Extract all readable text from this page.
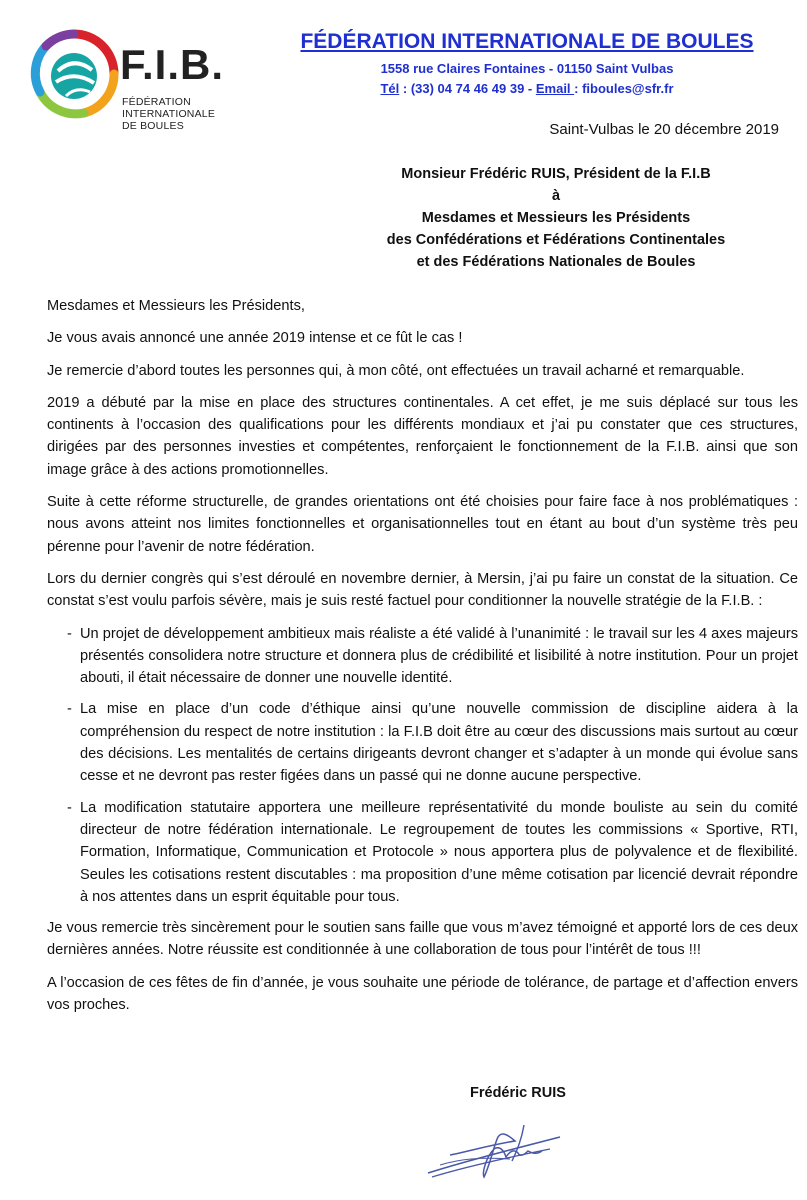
F.I.B.
FÉDÉRATION INTERNATIONALE
DE BOULES
FÉDÉRATION INTERNATIONALE DE BOULES
1558 rue Claires Fontaines - 01150 Saint Vulbas
Tél : (33) 04 74 46 49 39 - Email : fiboules@sfr.fr
Saint-Vulbas le 20 décembre 2019
Monsieur Frédéric RUIS, Président de la F.I.B
à
Mesdames et Messieurs les Présidents
des Confédérations et Fédérations Continentales
et des Fédérations Nationales de Boules

Mesdames et Messieurs les Présidents,

Je vous avais annoncé une année 2019 intense et ce fût le cas !

Je remercie d’abord toutes les personnes qui, à mon côté, ont effectuées un travail acharné et remarquable.

2019 a débuté par la mise en place des structures continentales. A cet effet, je me suis déplacé sur tous les continents à l’occasion des qualifications pour les différents mondiaux et j’ai pu constater que ces structures, dirigées par des personnes investies et compétentes, renforçaient le fonctionnement de la F.I.B. ainsi que son image grâce à des actions promotionnelles.

Suite à cette réforme structurelle, de grandes orientations ont été choisies pour faire face à nos problématiques : nous avons atteint nos limites fonctionnelles et organisationnelles tout en étant au bout d’un système très peu pérenne pour l’avenir de notre fédération.

Lors du dernier congrès qui s’est déroulé en novembre dernier, à Mersin, j’ai pu faire un constat de la situation. Ce constat s’est voulu parfois sévère, mais je suis resté factuel pour conditionner la nouvelle stratégie de la F.I.B. :

- Un projet de développement ambitieux mais réaliste a été validé à l’unanimité : le travail sur les 4 axes majeurs présentés consolidera notre structure et donnera plus de crédibilité et lisibilité à notre institution. Pour un projet abouti, il était nécessaire de donner une nouvelle identité.
- La mise en place d’un code d’éthique ainsi qu’une nouvelle commission de discipline aidera à la compréhension du respect de notre institution : la F.I.B doit être au cœur des discussions mais surtout au cœur des décisions. Les mentalités de certains dirigeants devront changer et s’adapter à un monde qui évolue sans cesse et ne devront pas rester figées dans un passé qui ne donne aucune perspective.
- La modification statutaire apportera une meilleure représentativité du monde bouliste au sein du comité directeur de notre fédération internationale. Le regroupement de toutes les commissions « Sportive, RTI, Formation, Informatique, Communication et Protocole » nous apportera plus de polyvalence et de flexibilité. Seules les cotisations restent discutables : ma proposition d’une même cotisation par licencié devrait répondre à nos attentes dans un esprit équitable pour tous.

Je vous remercie très sincèrement pour le soutien sans faille que vous m’avez témoigné et apporté lors de ces deux dernières années. Notre réussite est conditionnée à une collaboration de tous pour l’intérêt de tous !!!

A l’occasion de ces fêtes de fin d’année, je vous souhaite une période de tolérance, de partage et d’affection envers vos proches.

Frédéric RUIS
